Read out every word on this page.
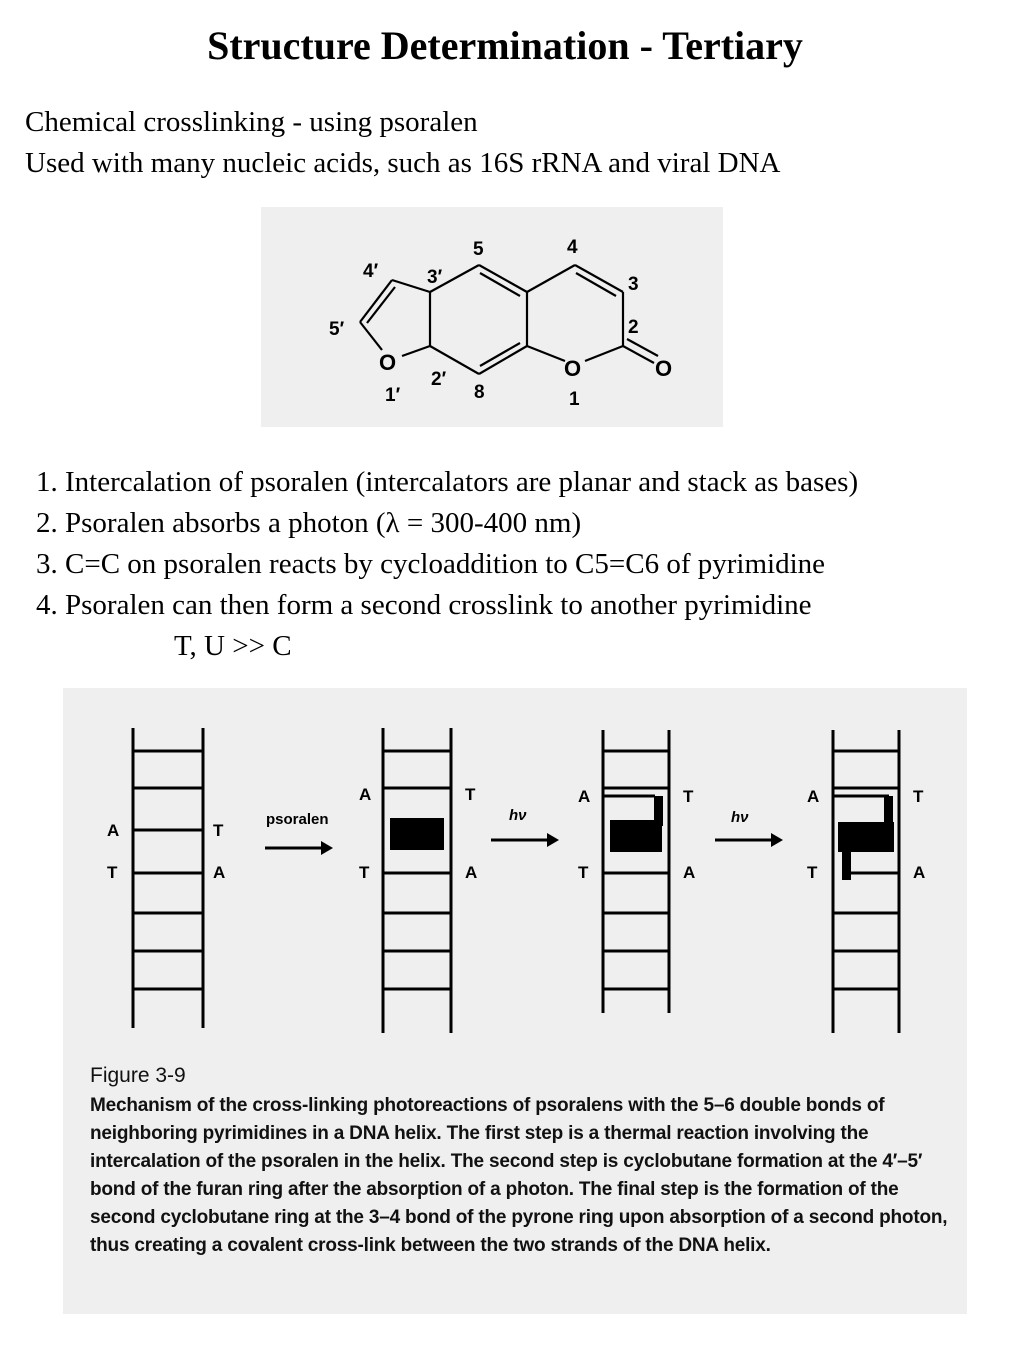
Structure Determination - Tertiary
Chemical crosslinking - using psoralen
Used with many nucleic acids, such as 16S rRNA and viral DNA
4′	3′
5	4
3
5′	2
O
1′
2′
8
O
1
O
1. Intercalation of psoralen (intercalators are planar and stack as bases)
2. Psoralen absorbs a photon (λ = 300-400 nm)
3. C=C on psoralen reacts by cycloaddition to C5=C6 of pyrimidine
4. Psoralen can then form a second crosslink to another pyrimidine
T, U >> C
A
T
T
A
A
T
T
A
A
T
T
A
A
T
T
A
psoralen	hν	hν
Figure 3-9
Mechanism of the cross-linking photoreactions of psoralens with the 5–6 double bonds of neighboring pyrimidines in a DNA helix. The first step is a thermal reaction involving the intercalation of the psoralen in the helix. The second step is cyclobutane formation at the 4′–5′ bond of the furan ring after the absorption of a photon. The final step is the formation of the second cyclobutane ring at the 3–4 bond of the pyrone ring upon absorption of a second photon, thus creating a covalent cross-link between the two strands of the DNA helix.
